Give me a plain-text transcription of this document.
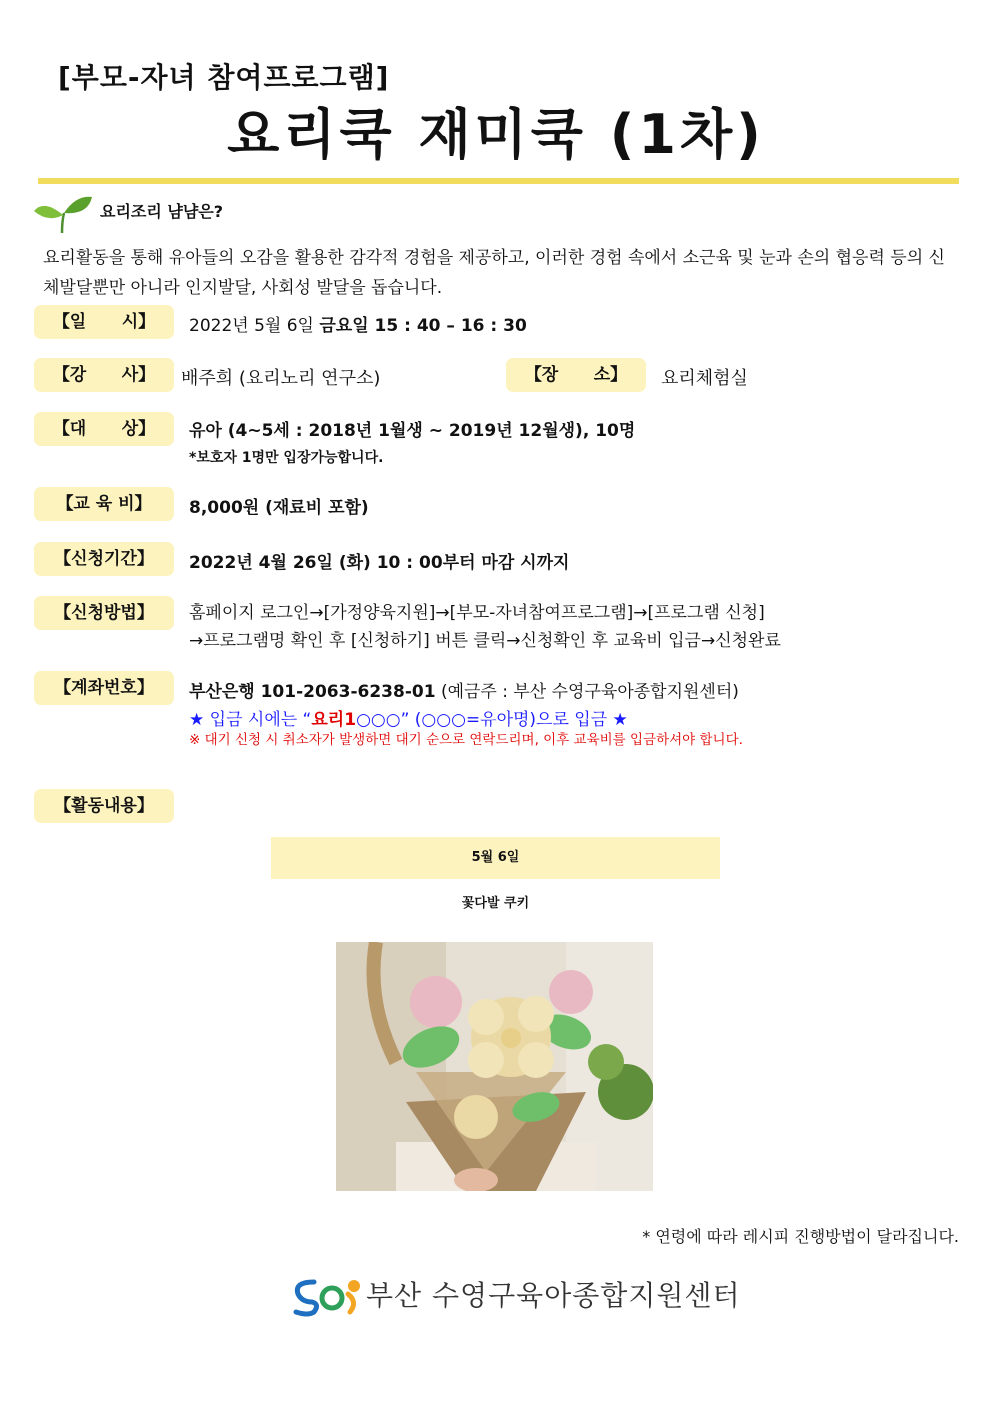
[부모-자녀 참여프로그램]
요리쿡 재미쿡 (1차)
요리조리 냠냠은?
요리활동을 통해 유아들의 오감을 활용한 감각적 경험을 제공하고, 이러한 경험 속에서 소근육 및 눈과 손의 협응력 등의 신체발달뿐만 아니라 인지발달, 사회성 발달을 돕습니다.
【일      시】	2022년 5월 6일 금요일 15 : 40 – 16 : 30
【강      사】	배주희 (요리노리 연구소)	【장      소】	요리체험실
【대      상】	유아 (4~5세 : 2018년 1월생 ~ 2019년 12월생), 10명
*보호자 1명만 입장가능합니다.
【교 육 비】	8,000원 (재료비 포함)
【신청기간】	2022년 4월 26일 (화) 10 : 00부터 마감 시까지
【신청방법】	홈페이지 로그인→[가정양육지원]→[부모-자녀참여프로그램]→[프로그램 신청]
→프로그램명 확인 후 [신청하기] 버튼 클릭→신청확인 후 교육비 입금→신청완료
【계좌번호】	부산은행 101-2063-6238-01 (예금주 : 부산 수영구육아종합지원센터)
★ 입금 시에는 “요리1○○○” (○○○=유아명)으로 입금 ★
※ 대기 신청 시 취소자가 발생하면 대기 순으로 연락드리며, 이후 교육비를 입금하셔야 합니다.
【활동내용】
5월 6일
꽃다발 쿠키
* 연령에 따라 레시피 진행방법이 달라집니다.
부산 수영구육아종합지원센터
